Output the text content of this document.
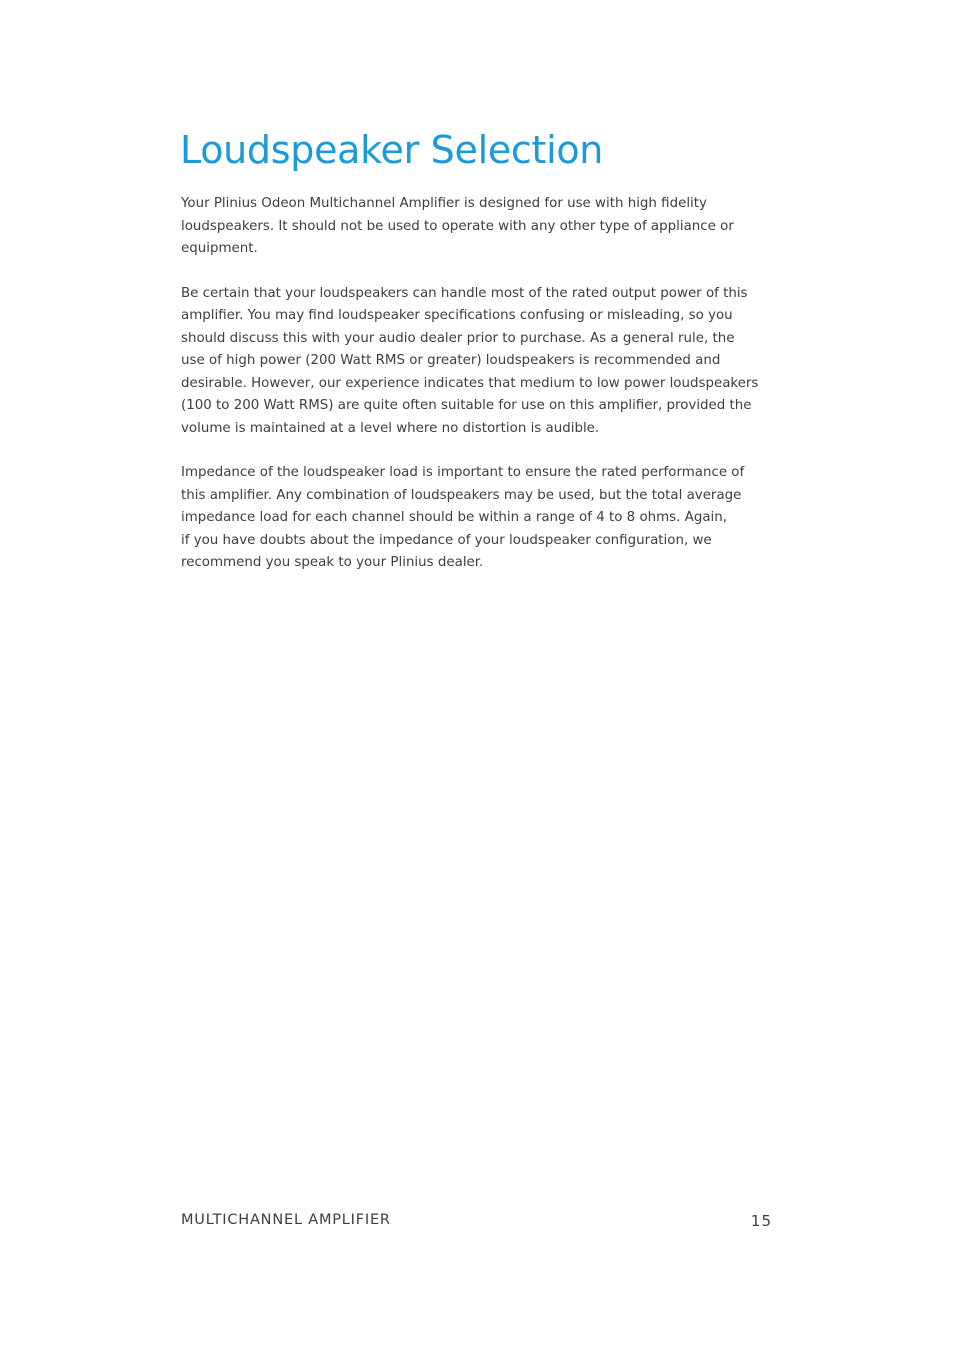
Loudspeaker Selection

Your Plinius Odeon Multichannel Amplifier is designed for use with high fidelity
loudspeakers. It should not be used to operate with any other type of appliance or
equipment.

Be certain that your loudspeakers can handle most of the rated output power of this
amplifier. You may find loudspeaker specifications confusing or misleading, so you
should discuss this with your audio dealer prior to purchase. As a general rule, the
use of high power (200 Watt RMS or greater) loudspeakers is recommended and
desirable. However, our experience indicates that medium to low power loudspeakers
(100 to 200 Watt RMS) are quite often suitable for use on this amplifier, provided the
volume is maintained at a level where no distortion is audible.

Impedance of the loudspeaker load is important to ensure the rated performance of
this amplifier. Any combination of loudspeakers may be used, but the total average
impedance load for each channel should be within a range of 4 to 8 ohms. Again,
if you have doubts about the impedance of your loudspeaker configuration, we
recommend you speak to your Plinius dealer.

MULTICHANNEL AMPLIFIER	15
